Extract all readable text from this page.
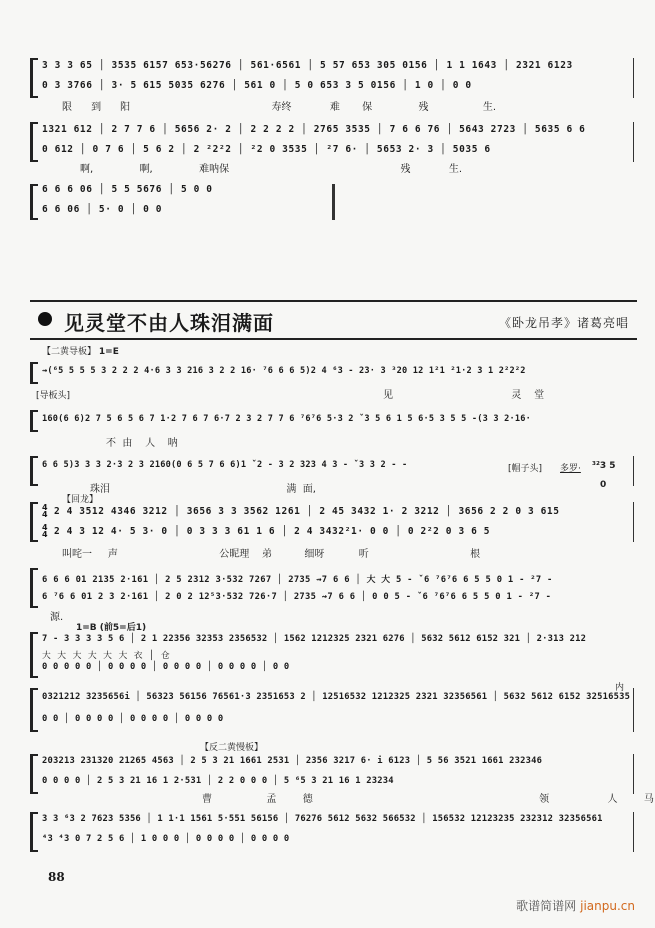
3 3 3 65 │ 3535 6157 653·56276 │ 561·6561 │ 5 57 653 305 0156 │ 1 1 1643 │ 2321 6123
0 3 3766 │ 3· 5 615 5035 6276 │ 561 0 │ 5 0 653 3 5 0156 │ 1 0 │ 0 0
限 到 阳	寿终	难 保	残	生.
1321 612 │ 2 7 7 6 │ 5656 2· 2 │ 2 2 2 2 │ 2765 3535 │ 7 6 6 76 │ 5643 2723 │ 5635 6 6
0 612 │ 0 7 6 │ 5 6 2 │ 2 ²2²2 │ ²2 0 3535 │ ²7 6· │ 5653 2· 3 │ 5035 6
啊,	啊,	难呐保	残	生.
6 6 6 06 │ 5 5 5676 │ 5 0 0
6 6 06 │ 5· 0 │ 0 0
见灵堂不由人珠泪满面	《卧龙吊孝》诸葛亮唱
【二黄导板】 1=E
⇝(⁶5 5 5 5 3 2 2 2 4·6 3 3 216 3 2 2 16· ⁷6 6 6 5)2 4 ⁶3 - 23· 3 ³20 12 1²1 ²1·2 3 1 2²2²2
[导板头]	见	灵 堂
160(6 6)2 7 5 6 5 6 7 1·2 7 6 7 6·7 2 3 2 7 7 6 ⁷6⁷6 5·3 2 ˇ3 5 6 1 5 6·5 3 5 5 -(3 3 2·16·
不 由 人 呐
6 6 5)3 3 3 2·3 2 3 2160(0 6 5 7 6 6)1 ˇ2 - 3 2 323 4 3 - ˇ3 3 2 - -	[帽子头] 多罗· ³²3 5
0
珠泪	满 面,
【回龙】
4
4
4
4
2 4 3512 4346 3212 │ 3656 3 3 3562 1261 │ 2 45 3432 1· 2 3212 │ 3656 2 2 0 3 615
2 4 3 12 4· 5 3· 0 │ 0 3 3 3 61 1 6 │ 2 4 3432²1· 0 0 │ 0 2²2 0 3 6 5
叫咤一 声	公昵理 弟	细呀	听	根
6 6 6 01 2135 2·161 │ 2 5 2312 3·532 7267 │ 2735 ⇝7 6 6 │ 大 大 5 - ˇ6 ⁷6⁷6 6 5 5 0 1 - ²7 -
6 ⁷6 6 01 2 3 2·161 │ 2 0 2 12⁵3·532 726·7 │ 2735 ⇝7 6 6 │ 0 0 5 - ˇ6 ⁷6⁷6 6 5 5 0 1 - ²7 -
源.
1=B (前5=后1)
7 - 3 3 3 3 5 6 │ 2 1 22356 32353 2356532 │ 1562 1212325 2321 6276 │ 5632 5612 6152 321 │ 2·313 212
大 大 大 大 大 大 衣 │ 仓
0 0 0 0 0 │ 0 0 0 0 │ 0 0 0 0 │ 0 0 0 0 │ 0 0
0321212 3235656i │ 56323 56156 76561·3 2351653 2 │ 12516532 1212325 2321 32356561 │ 5632 5612 6152 32516535
内
0 0 │ 0 0 0 0 │ 0 0 0 0 │ 0 0 0 0
【反二黄慢板】
203213 231320 21265 4563 │ 2 5 3 21 1661 2531 │ 2356 3217 6· i 6123 │ 5 56 3521 1661 232346
0 0 0 0 │ 2 5 3 21 16 1 2·531 │ 2 2 0 0 0 │ 5 ⁶5 3 21 16 1 23234
曹	孟	德	领	人	马
3 3 ⁶3 2 7623 5356 │ 1 1·1 1561 5·551 56156 │ 76276 5612 5632 566532 │ 156532 12123235 232312 32356561
⁴3 ⁴3 0 7 2 5 6 │ 1 0 0 0 │ 0 0 0 0 │ 0 0 0 0
88
歌谱简谱网 jianpu.cn
